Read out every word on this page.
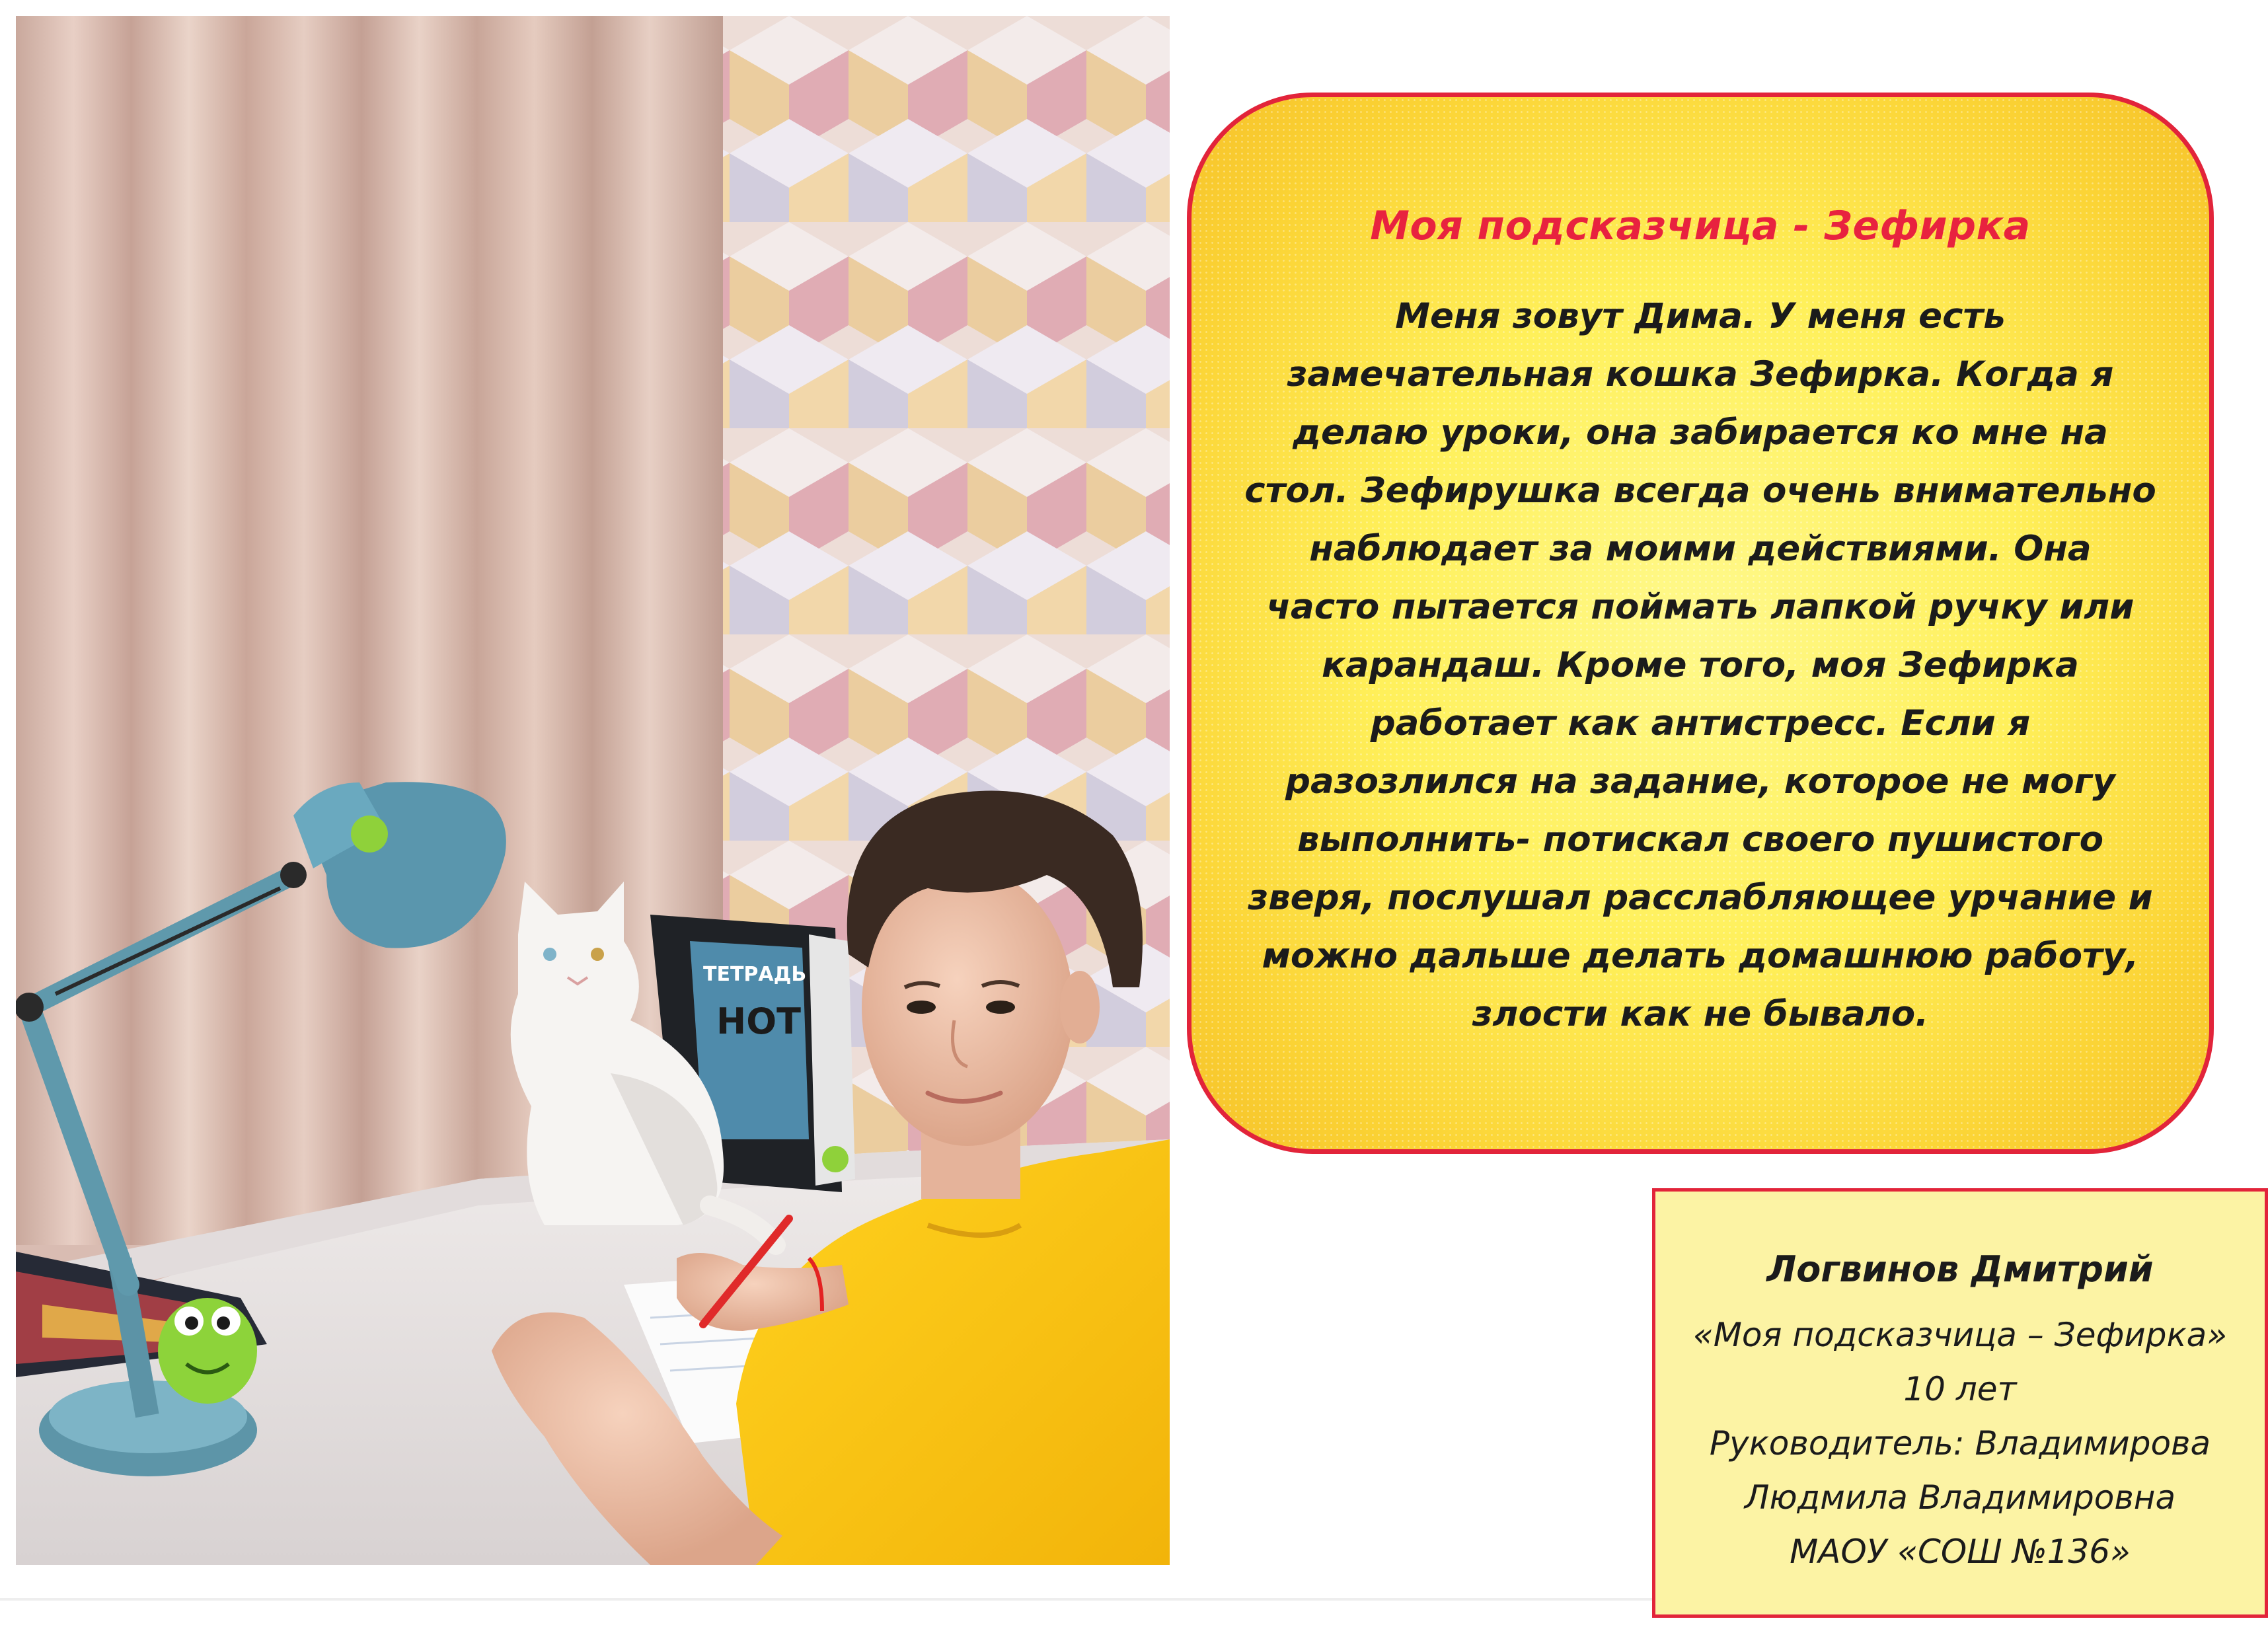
ТЕТРАДЬ
НОТ
Моя подсказчица - Зефирка
Меня зовут Дима. У меня есть
замечательная кошка Зефирка. Когда я
делаю уроки, она забирается ко мне на
стол. Зефирушка всегда очень внимательно
наблюдает за моими действиями. Она
часто пытается поймать лапкой ручку или
карандаш. Кроме того, моя Зефирка
работает как антистресс. Если я
разозлился на задание, которое не могу
выполнить- потискал своего пушистого
зверя, послушал расслабляющее урчание и
можно дальше делать домашнюю работу,
злости как не бывало.
Логвинов Дмитрий
«Моя подсказчица – Зефирка»
10 лет
Руководитель: Владимирова
Людмила Владимировна
МАОУ «СОШ №136»
